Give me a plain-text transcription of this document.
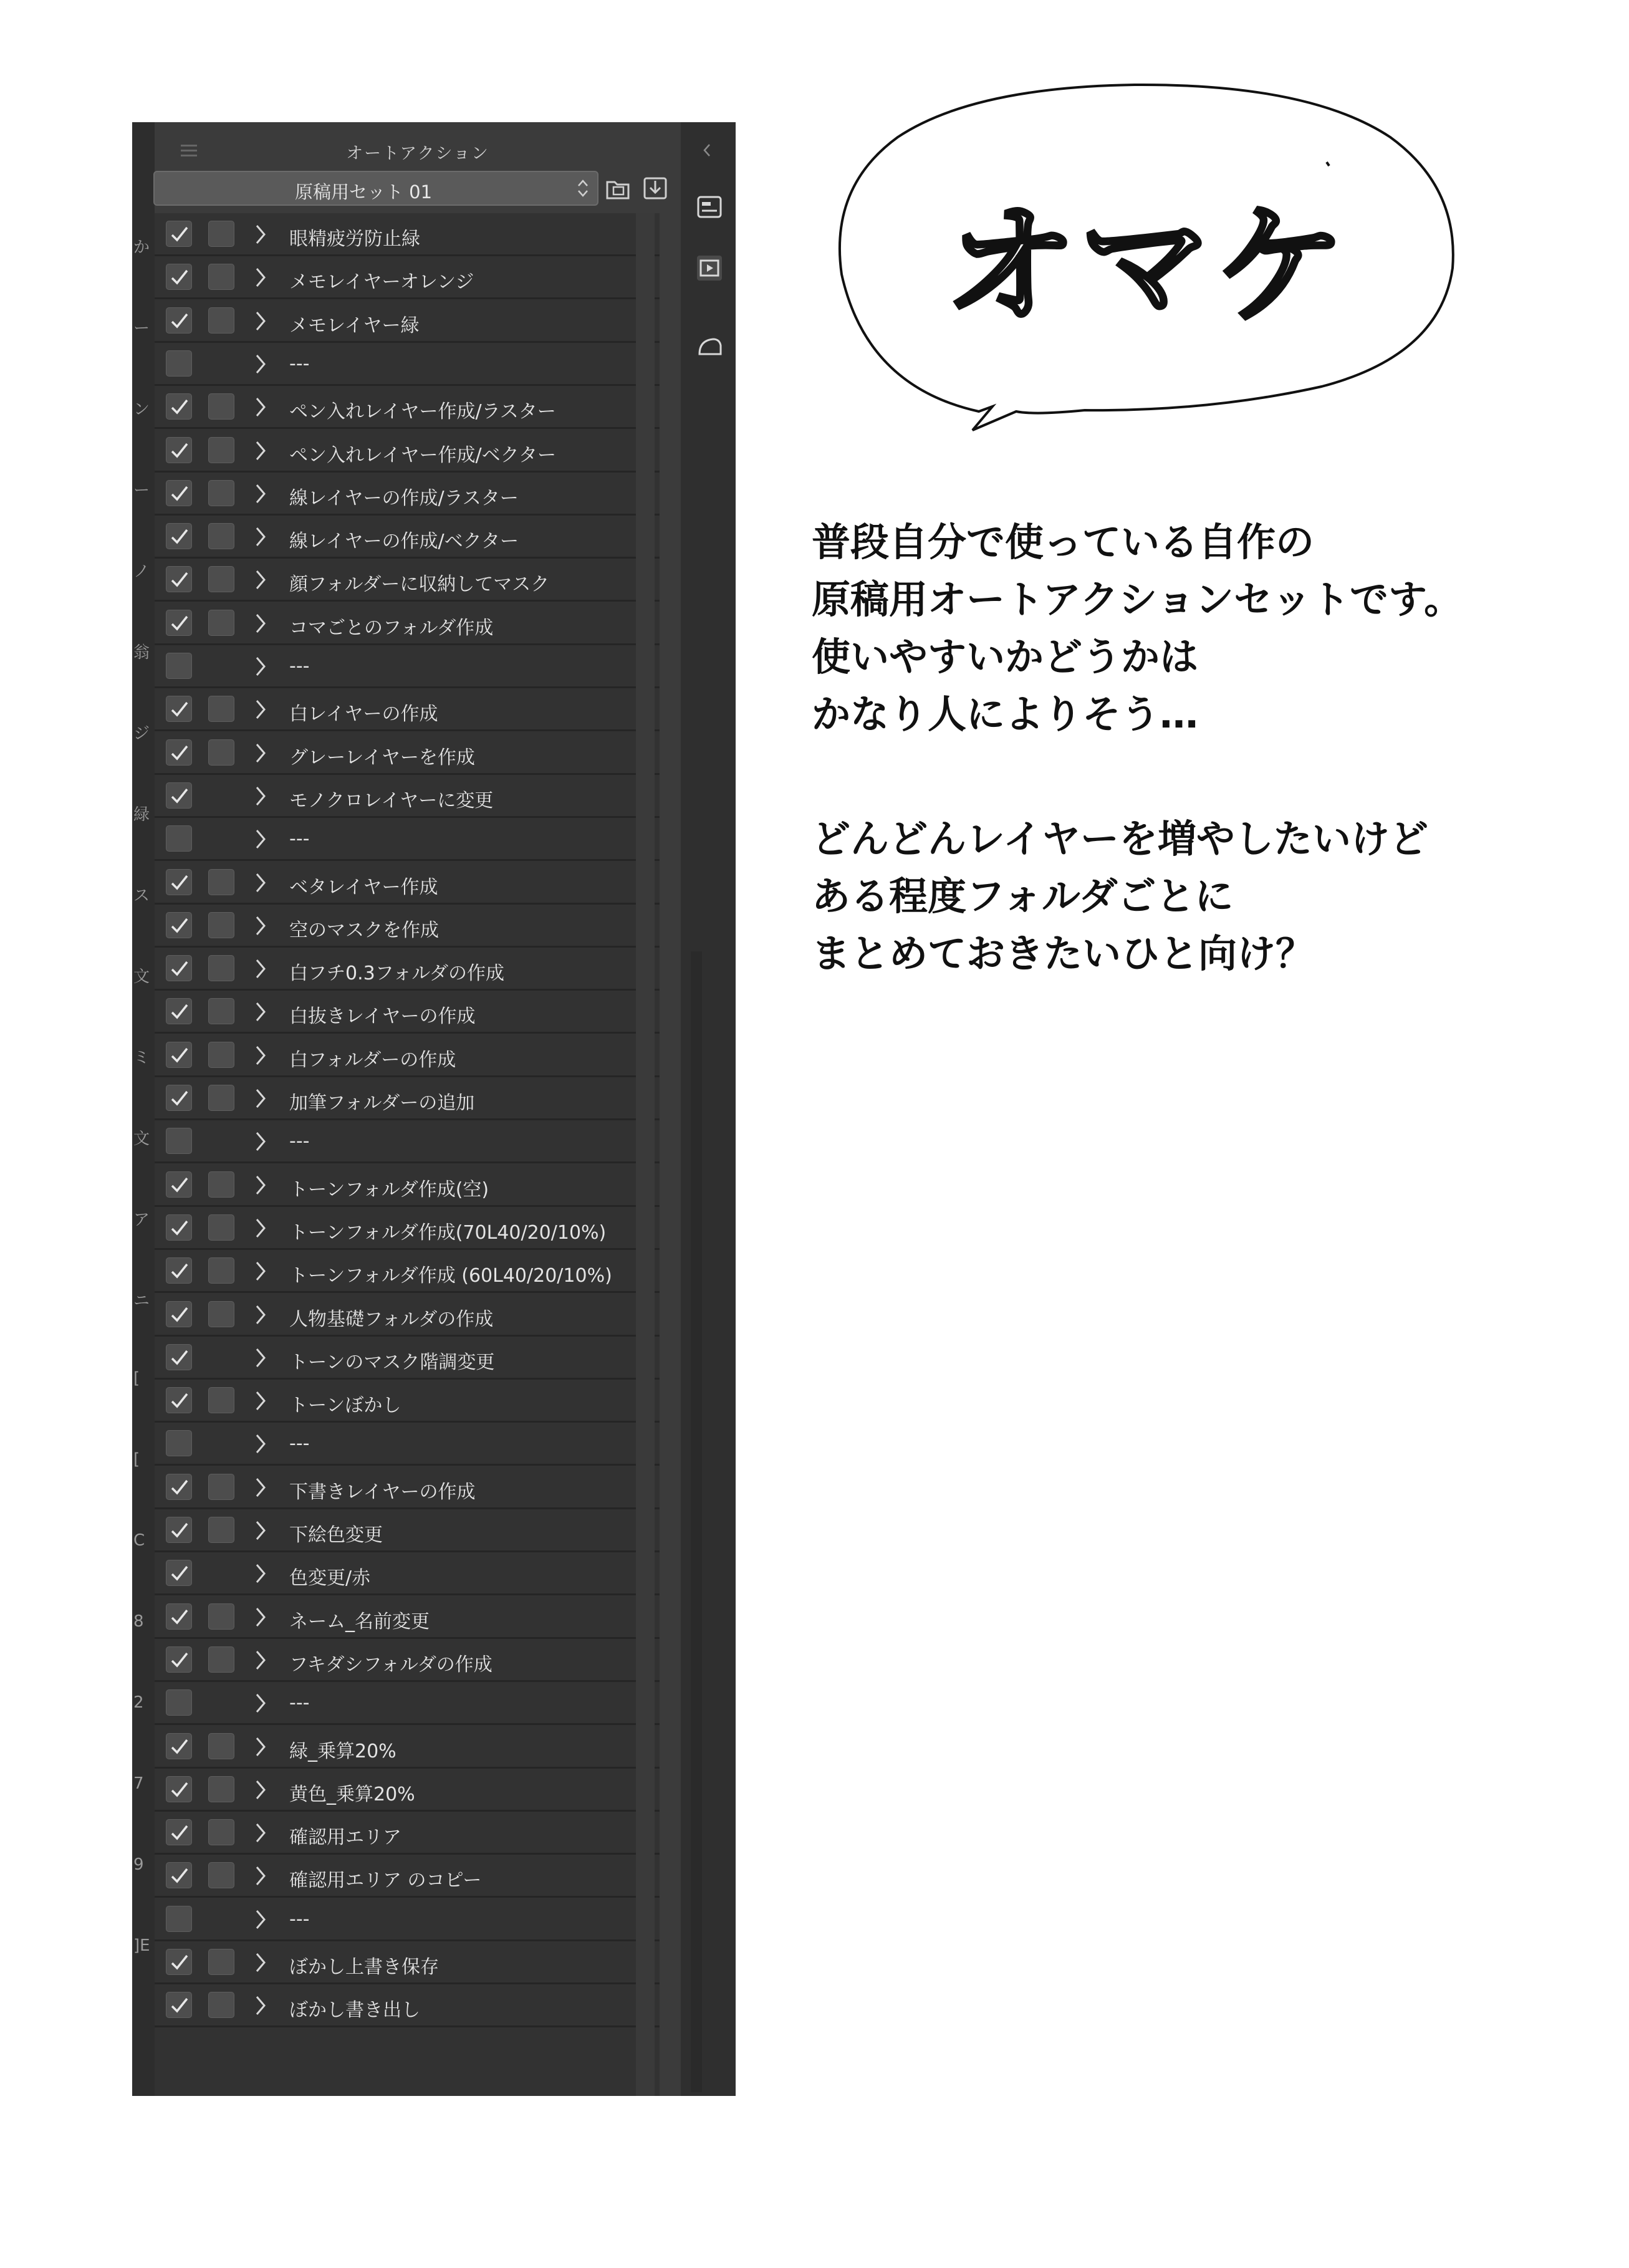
か
ー
ン
ー
ノ
翁
ジ
緑
ス
文
ミ
文
ア
ニ
[
[
C
8
2
7
9
]E
オートアクション
原稿用セット 01
眼精疲労防止緑
メモレイヤーオレンジ
メモレイヤー緑
---
ペン入れレイヤー作成/ラスター
ペン入れレイヤー作成/ベクター
線レイヤーの作成/ラスター
線レイヤーの作成/ベクター
顔フォルダーに収納してマスク
コマごとのフォルダ作成
---
白レイヤーの作成
グレーレイヤーを作成
モノクロレイヤーに変更
---
ベタレイヤー作成
空のマスクを作成
白フチ0.3フォルダの作成
白抜きレイヤーの作成
白フォルダーの作成
加筆フォルダーの追加
---
トーンフォルダ作成(空)
トーンフォルダ作成(70L40/20/10%)
トーンフォルダ作成 (60L40/20/10%)
人物基礎フォルダの作成
トーンのマスク階調変更
トーンぼかし
---
下書きレイヤーの作成
下絵色変更
色変更/赤
ネーム_名前変更
フキダシフォルダの作成
---
緑_乗算20%
黄色_乗算20%
確認用エリア
確認用エリア のコピー
---
ぼかし上書き保存
ぼかし書き出し
オマケ
普段自分で使っている自作の
原稿用オートアクションセットです。
使いやすいかどうかは
かなり人によりそう…
どんどんレイヤーを増やしたいけど
ある程度フォルダごとに
まとめておきたいひと向け？
